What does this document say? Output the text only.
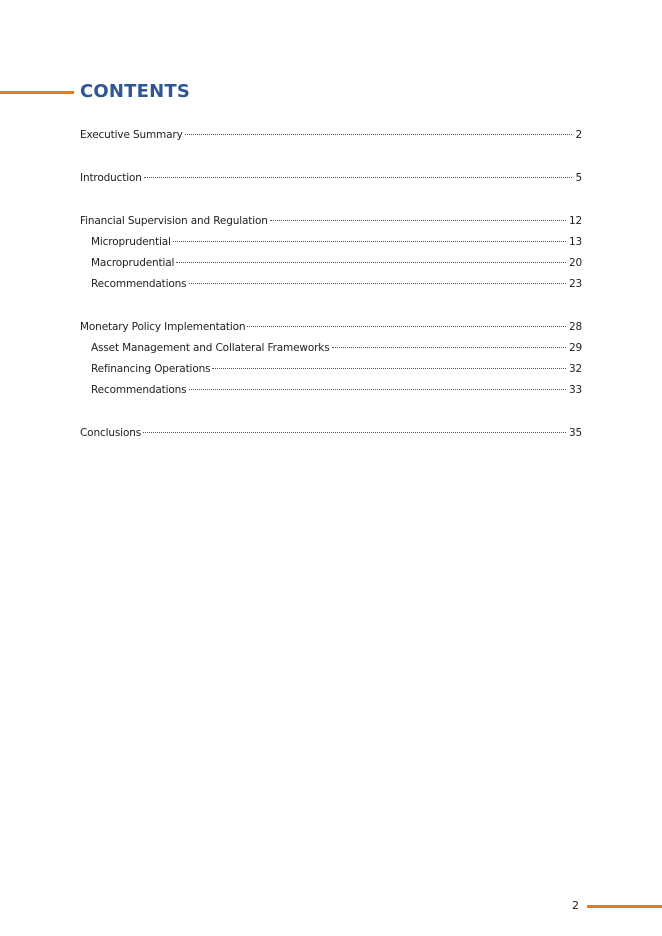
CONTENTS
Executive Summary	2
Introduction	5
Financial Supervision and Regulation	12
Microprudential	13
Macroprudential	20
Recommendations	23
Monetary Policy Implementation	28
Asset Management and Collateral Frameworks	29
Refinancing Operations	32
Recommendations	33
Conclusions	35
2
